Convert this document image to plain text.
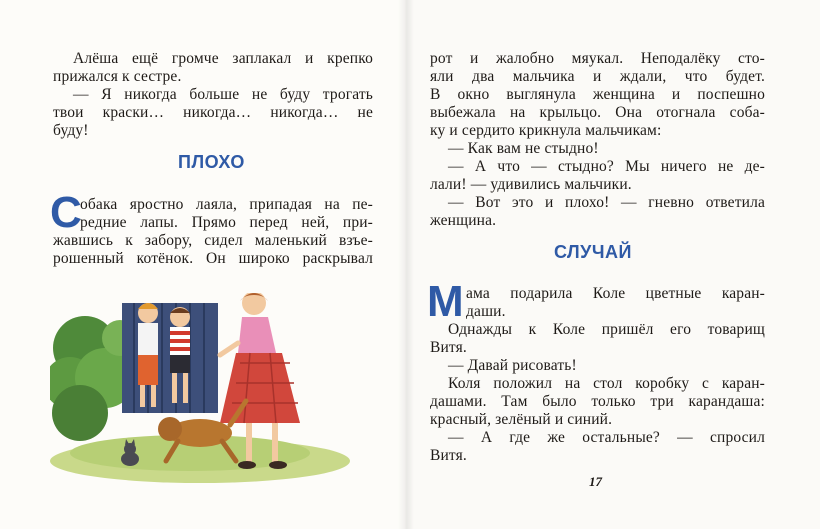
Алёша ещё громче заплакал и крепко
прижался к сестре.
— Я никогда больше не буду трогать
твои краски… никогда… никогда… не
буду!
ПЛОХО
С
обака яростно лаяла, припадая на пе-
редние лапы. Прямо перед ней, при-
жавшись к забору, сидел маленький взъе-
рошенный котёнок. Он широко раскрывал
рот и жалобно мяукал. Неподалёку сто-
яли два мальчика и ждали, что будет.
В окно выглянула женщина и поспешно
выбежала на крыльцо. Она отогнала соба-
ку и сердито крикнула мальчикам:
— Как вам не стыдно!
— А что — стыдно? Мы ничего не де-
лали! — удивились мальчики.
— Вот это и плохо! — гневно ответила
женщина.
СЛУЧАЙ
М ама подарила Коле цветные каран-
даши.
Однажды к Коле пришёл его товарищ
Витя.
— Давай рисовать!
Коля положил на стол коробку с каран-
дашами. Там было только три карандаша:
красный, зелёный и синий.
— А где же остальные? — спросил
Витя.
17
